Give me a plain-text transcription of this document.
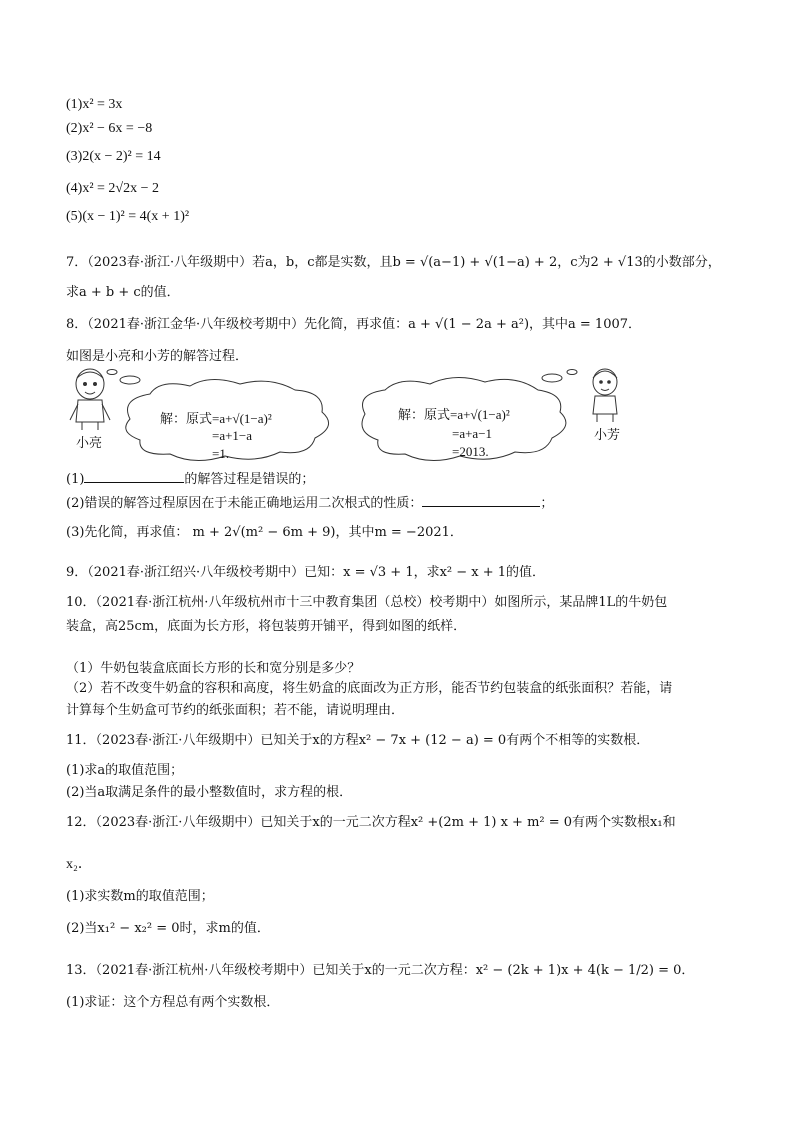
(1)x² = 3x
(2)x² − 6x = −8
(3)2(x − 2)² = 14
(4)x² = 2√2x − 2
(5)(x − 1)² = 4(x + 1)²
7．（2023春·浙江·八年级期中）若a，b，c都是实数，且b = √(a−1) + √(1−a) + 2，c为2 + √13的小数部分，
求a + b + c的值．
8．（2021春·浙江金华·八年级校考期中）先化简，再求值：a + √(1 − 2a + a²)，其中a = 1007．
如图是小亮和小芳的解答过程．
小亮
小芳
解：原式=a+√(1−a)²
=a+1−a
=1.
解：原式=a+√(1−a)²
=a+a−1
=2013.
(1)	的解答过程是错误的；
(2)错误的解答过程原因在于未能正确地运用二次根式的性质：	；
(3)先化简，再求值： m + 2√(m² − 6m + 9)，其中m = −2021．
9．（2021春·浙江绍兴·八年级校考期中）已知：x = √3 + 1，求x² − x + 1的值．
10．（2021春·浙江杭州·八年级杭州市十三中教育集团（总校）校考期中）如图所示，某品牌1L的牛奶包
装盒，高25cm，底面为长方形，将包装剪开铺平，得到如图的纸样．
（1）牛奶包装盒底面长方形的长和宽分别是多少？
（2）若不改变牛奶盒的容积和高度，将生奶盒的底面改为正方形，能否节约包装盒的纸张面积？若能，请
计算每个生奶盒可节约的纸张面积；若不能，请说明理由．
11．（2023春·浙江·八年级期中）已知关于x的方程x² − 7x + (12 − a) = 0有两个不相等的实数根．
(1)求a的取值范围；
(2)当a取满足条件的最小整数值时，求方程的根．
12．（2023春·浙江·八年级期中）已知关于x的一元二次方程x² +(2m + 1) x + m² = 0有两个实数根x₁和
x₂．
(1)求实数m的取值范围；
(2)当x₁² − x₂² = 0时，求m的值．
13．（2021春·浙江杭州·八年级校考期中）已知关于x的一元二次方程：x² − (2k + 1)x + 4(k − 1/2) = 0．
(1)求证：这个方程总有两个实数根．
